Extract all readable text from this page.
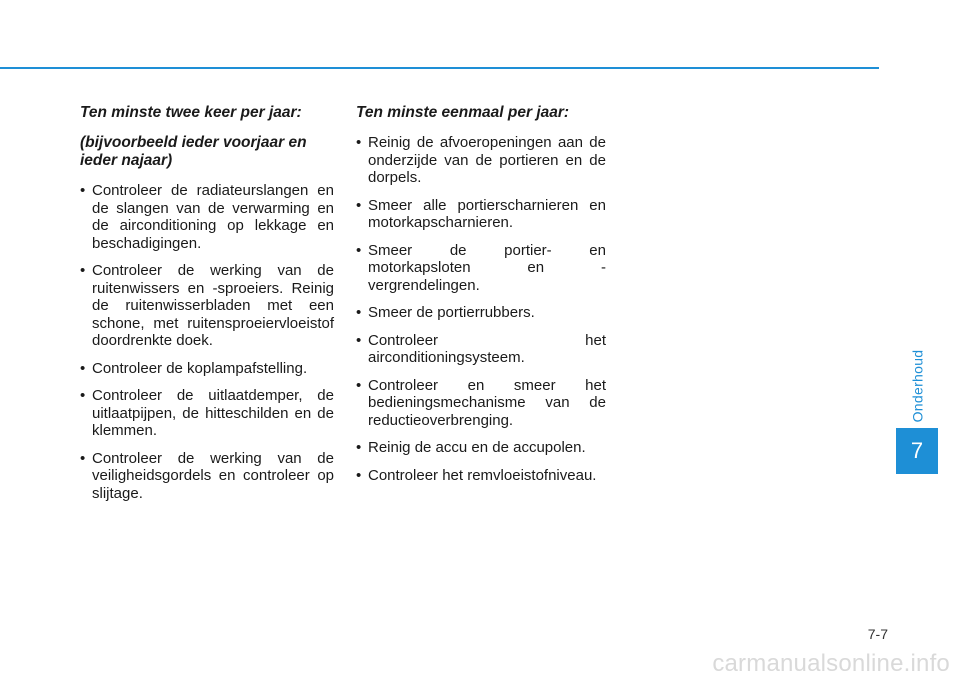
Ten minste twee keer per jaar:

(bijvoorbeeld ieder voorjaar en ieder najaar)

• Controleer de radiateurslangen en de slangen van de verwarming en de airconditioning op lekkage en beschadigingen.
• Controleer de werking van de ruitenwissers en -sproeiers. Reinig de ruitenwisserbladen met een schone, met ruitensproeiervloeistof doordrenkte doek.
• Controleer de koplampafstelling.
• Controleer de uitlaatdemper, de uitlaatpijpen, de hitteschilden en de klemmen.
• Controleer de werking van de veiligheidsgordels en controleer op slijtage.

Ten minste eenmaal per jaar:

• Reinig de afvoeropeningen aan de onderzijde van de portieren en de dorpels.
• Smeer alle portierscharnieren en motorkapscharnieren.
• Smeer de portier- en motorkapsloten en -vergrendelingen.
• Smeer de portierrubbers.
• Controleer het airconditioningsysteem.
• Controleer en smeer het bedieningsmechanisme van de reductieoverbrenging.
• Reinig de accu en de accupolen.
• Controleer het remvloeistofniveau.
Onderhoud
7
7-7
carmanualsonline.info
